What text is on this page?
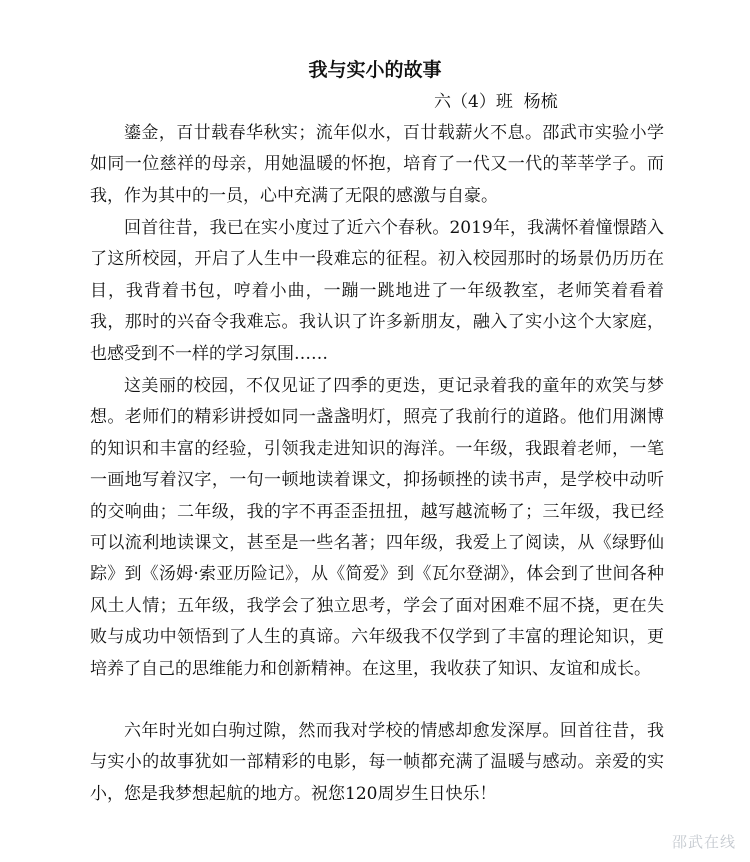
我与实小的故事
六（4）班  杨梳

鎏金，百廿载春华秋实；流年似水，百廿载薪火不息。邵武市实验小学如同一位慈祥的母亲，用她温暖的怀抱，培育了一代又一代的莘莘学子。而我，作为其中的一员，心中充满了无限的感激与自豪。

回首往昔，我已在实小度过了近六个春秋。2019年，我满怀着憧憬踏入了这所校园，开启了人生中一段难忘的征程。初入校园那时的场景仍历历在目，我背着书包，哼着小曲，一蹦一跳地进了一年级教室，老师笑着看着我，那时的兴奋令我难忘。我认识了许多新朋友，融入了实小这个大家庭，也感受到不一样的学习氛围……

这美丽的校园，不仅见证了四季的更迭，更记录着我的童年的欢笑与梦想。老师们的精彩讲授如同一盏盏明灯，照亮了我前行的道路。他们用渊博的知识和丰富的经验，引领我走进知识的海洋。一年级，我跟着老师，一笔一画地写着汉字，一句一顿地读着课文，抑扬顿挫的读书声，是学校中动听的交响曲；二年级，我的字不再歪歪扭扭，越写越流畅了；三年级，我已经可以流利地读课文，甚至是一些名著；四年级，我爱上了阅读，从《绿野仙踪》到《汤姆·索亚历险记》，从《简爱》到《瓦尔登湖》，体会到了世间各种风土人情；五年级，我学会了独立思考，学会了面对困难不屈不挠，更在失败与成功中领悟到了人生的真谛。六年级我不仅学到了丰富的理论知识，更培养了自己的思维能力和创新精神。在这里，我收获了知识、友谊和成长。

六年时光如白驹过隙，然而我对学校的情感却愈发深厚。回首往昔，我与实小的故事犹如一部精彩的电影，每一帧都充满了温暖与感动。亲爱的实小，您是我梦想起航的地方。祝您120周岁生日快乐！

邵武在线
